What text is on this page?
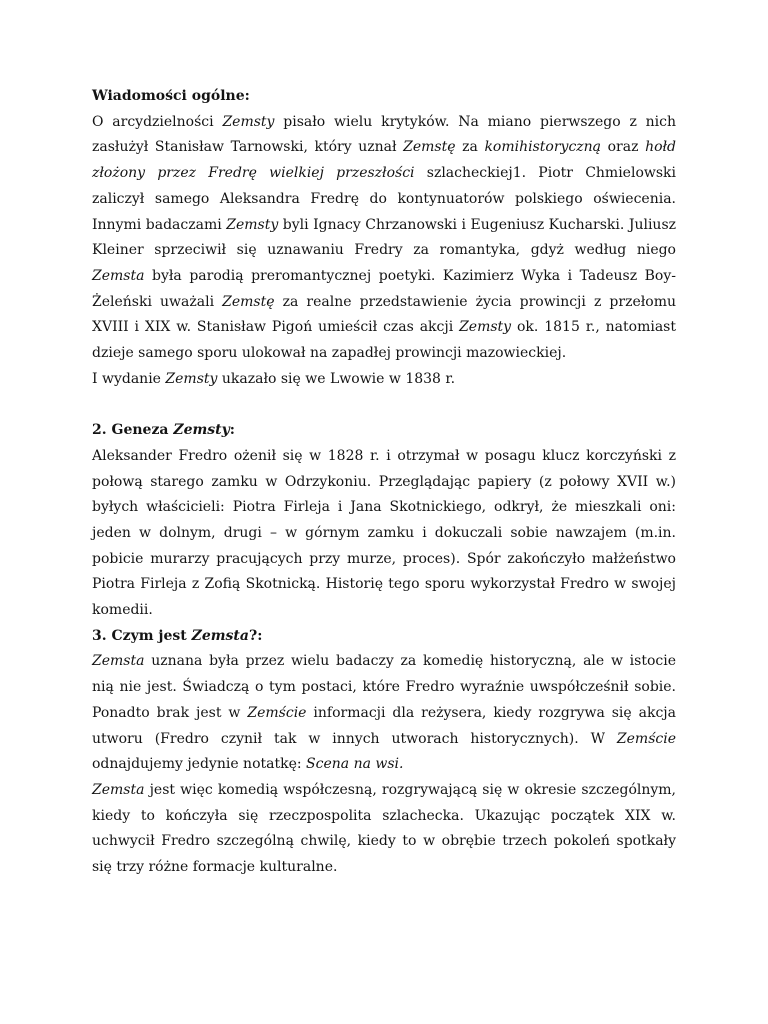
Wiadomości ogólne:

O arcydzielności Zemsty pisało wielu krytyków. Na miano pierwszego z nich zasłużył Stanisław Tarnowski, który uznał Zemstę za komihistoryczną oraz hołd złożony przez Fredrę wielkiej przeszłości szlacheckiej1. Piotr Chmielowski zaliczył samego Aleksandra Fredrę do kontynuatorów polskiego oświecenia. Innymi badaczami Zemsty byli Ignacy Chrzanowski i Eugeniusz Kucharski. Juliusz Kleiner sprzeciwił się uznawaniu Fredry za romantyka, gdyż według niego Zemsta była parodią preromantycznej poetyki. Kazimierz Wyka i Tadeusz Boy-Żeleński uważali Zemstę za realne przedstawienie życia prowincji z przełomu XVIII i XIX w. Stanisław Pigoń umieścił czas akcji Zemsty ok. 1815 r., natomiast dzieje samego sporu ulokował na zapadłej prowincji mazowieckiej.

I wydanie Zemsty ukazało się we Lwowie w 1838 r.

2. Geneza Zemsty:

Aleksander Fredro ożenił się w 1828 r. i otrzymał w posagu klucz korczyński z połową starego zamku w Odrzykoniu. Przeglądając papiery (z połowy XVII w.) byłych właścicieli: Piotra Firleja i Jana Skotnickiego, odkrył, że mieszkali oni: jeden w dolnym, drugi – w górnym zamku i dokuczali sobie nawzajem (m.in. pobicie murarzy pracujących przy murze, proces). Spór zakończyło małżeństwo Piotra Firleja z Zofią Skotnicką. Historię tego sporu wykorzystał Fredro w swojej komedii.

3. Czym jest Zemsta?:

Zemsta uznana była przez wielu badaczy za komedię historyczną, ale w istocie nią nie jest. Świadczą o tym postaci, które Fredro wyraźnie uwspółcześnił sobie. Ponadto brak jest w Zemście informacji dla reżysera, kiedy rozgrywa się akcja utworu (Fredro czynił tak w innych utworach historycznych). W Zemście odnajdujemy jedynie notatkę: Scena na wsi.

Zemsta jest więc komedią współczesną, rozgrywającą się w okresie szczególnym, kiedy to kończyła się rzeczpospolita szlachecka. Ukazując początek XIX w. uchwycił Fredro szczególną chwilę, kiedy to w obrębie trzech pokoleń spotkały się trzy różne formacje kulturalne.
